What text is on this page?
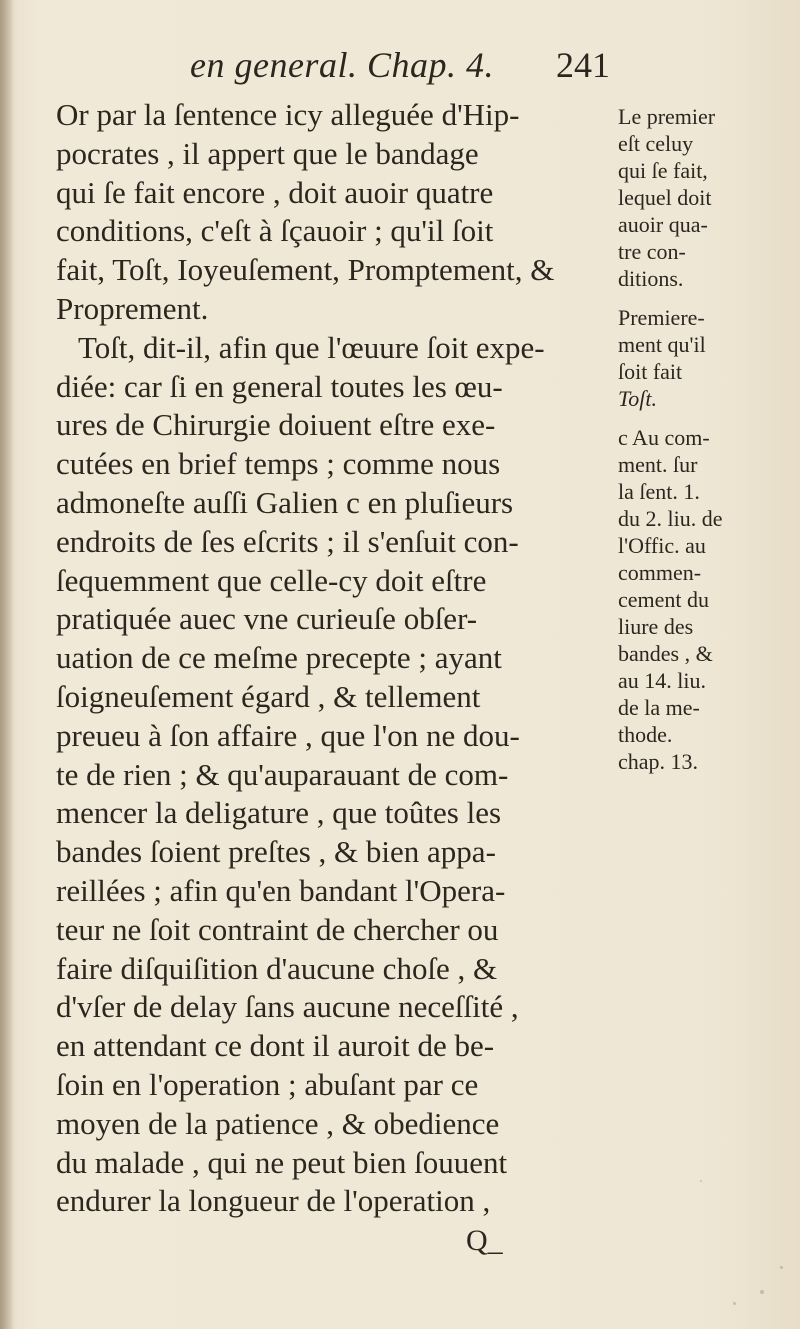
en general. Chap. 4. 241
Or par la ſentence icy alleguée d'Hip-
pocrates , il appert que le bandage
qui ſe fait encore , doit auoir quatre
conditions, c'eſt à ſçauoir ; qu'il ſoit
fait, Toſt, Ioyeuſement, Promptement, &
Proprement.
Toſt, dit-il, afin que l'œuure ſoit expe-
diée: car ſi en general toutes les œu-
ures de Chirurgie doiuent eſtre exe-
cutées en brief temps ; comme nous
admoneſte auſſi Galien c en pluſieurs
endroits de ſes eſcrits ; il s'enſuit con-
ſequemment que celle-cy doit eſtre
pratiquée auec vne curieuſe obſer-
uation de ce meſme precepte ; ayant
ſoigneuſement égard , & tellement
preueu à ſon affaire , que l'on ne dou-
te de rien ; & qu'auparauant de com-
mencer la deligature , que toûtes les
bandes ſoient preſtes , & bien appa-
reillées ; afin qu'en bandant l'Opera-
teur ne ſoit contraint de chercher ou
faire diſquiſition d'aucune choſe , &
d'vſer de delay ſans aucune neceſſité ,
en attendant ce dont il auroit de be-
ſoin en l'operation ; abuſant par ce
moyen de la patience , & obedience
du malade , qui ne peut bien ſouuent
endurer la longueur de l'operation ,
Le premier
eſt celuy
qui ſe fait,
lequel doit
auoir qua-
tre con-
ditions.
Premiere-
ment qu'il
ſoit fait
Toſt.
c Au com-
ment. ſur
la ſent. 1.
du 2. liu. de
l'Offic. au
commen-
cement du
liure des
bandes , &
au 14. liu.
de la me-
thode.
chap. 13.
Q_
